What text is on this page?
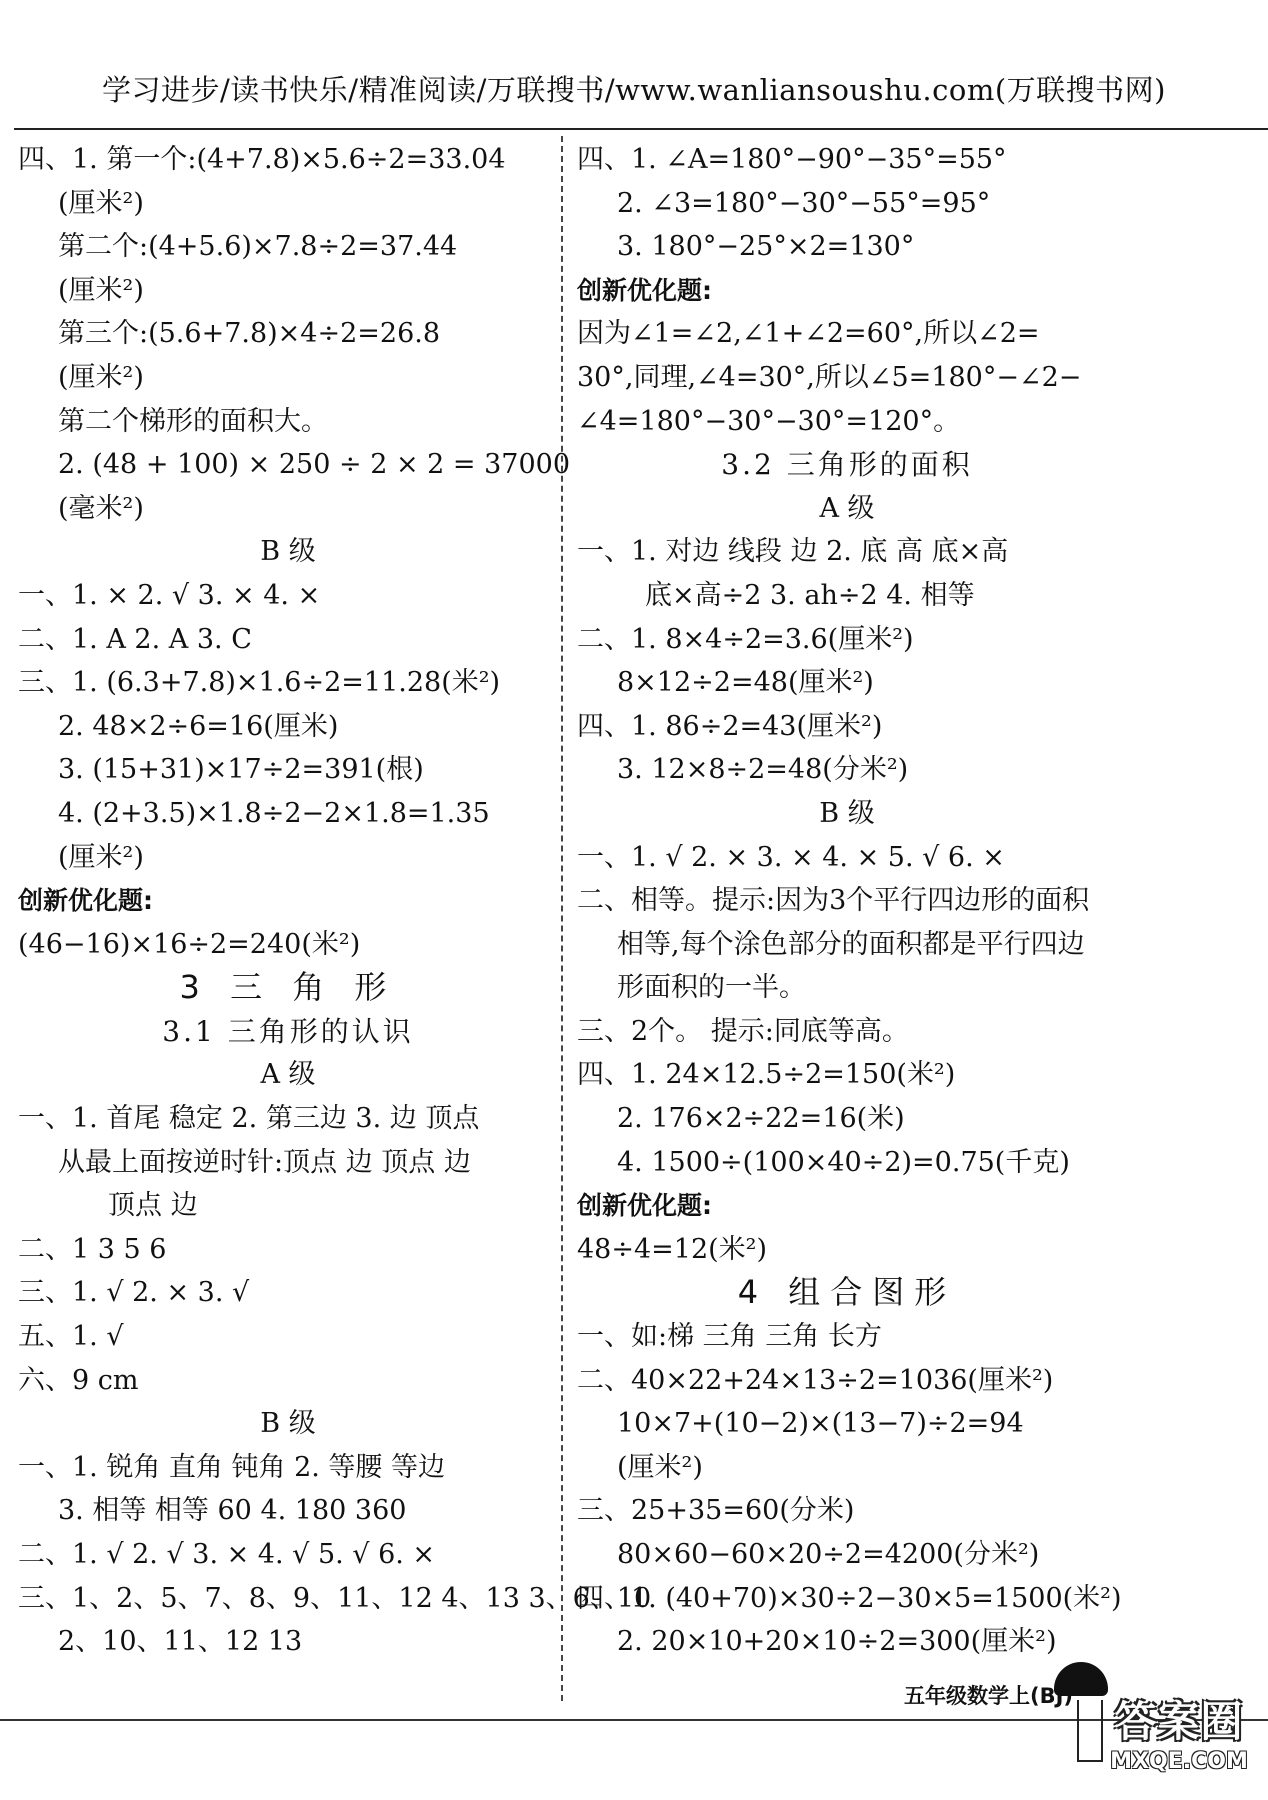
学习进步/读书快乐/精准阅读/万联搜书/www.wanliansoushu.com(万联搜书网)
四、1. 第一个:(4+7.8)×5.6÷2=33.04
(厘米²)
第二个:(4+5.6)×7.8÷2=37.44
(厘米²)
第三个:(5.6+7.8)×4÷2=26.8
(厘米²)
第二个梯形的面积大。
2. (48 + 100) × 250 ÷ 2 × 2 = 37000
(毫米²)
B 级
一、1. × 2. √ 3. × 4. ×
二、1. A 2. A 3. C
三、1. (6.3+7.8)×1.6÷2=11.28(米²)
2. 48×2÷6=16(厘米)
3. (15+31)×17÷2=391(根)
4. (2+3.5)×1.8÷2−2×1.8=1.35
(厘米²)
创新优化题:
(46−16)×16÷2=240(米²)
3 三 角 形
3.1 三角形的认识
A 级
一、1. 首尾 稳定 2. 第三边 3. 边 顶点
从最上面按逆时针:顶点 边 顶点 边
顶点 边
二、1 3 5 6
三、1. √ 2. × 3. √
五、1. √
六、9 cm
B 级
一、1. 锐角 直角 钝角 2. 等腰 等边
3. 相等 相等 60 4. 180 360
二、1. √ 2. √ 3. × 4. √ 5. √ 6. ×
三、1、2、5、7、8、9、11、12 4、13 3、6、10
2、10、11、12 13
四、1. ∠A=180°−90°−35°=55°
2. ∠3=180°−30°−55°=95°
3. 180°−25°×2=130°
创新优化题:
因为∠1=∠2,∠1+∠2=60°,所以∠2=
30°,同理,∠4=30°,所以∠5=180°−∠2−
∠4=180°−30°−30°=120°。
3.2 三角形的面积
A 级
一、1. 对边 线段 边 2. 底 高 底×高
底×高÷2 3. ah÷2 4. 相等
二、1. 8×4÷2=3.6(厘米²)
8×12÷2=48(厘米²)
四、1. 86÷2=43(厘米²)
3. 12×8÷2=48(分米²)
B 级
一、1. √ 2. × 3. × 4. × 5. √ 6. ×
二、相等。提示:因为3个平行四边形的面积
相等,每个涂色部分的面积都是平行四边
形面积的一半。
三、2个。 提示:同底等高。
四、1. 24×12.5÷2=150(米²)
2. 176×2÷22=16(米)
4. 1500÷(100×40÷2)=0.75(千克)
创新优化题:
48÷4=12(米²)
4 组合图形
一、如:梯 三角 三角 长方
二、40×22+24×13÷2=1036(厘米²)
10×7+(10−2)×(13−7)÷2=94
(厘米²)
三、25+35=60(分米)
80×60−60×20÷2=4200(分米²)
四、1. (40+70)×30÷2−30×5=1500(米²)
2. 20×10+20×10÷2=300(厘米²)
五年级数学上(BJ)
答案圈
MXQE.COM
